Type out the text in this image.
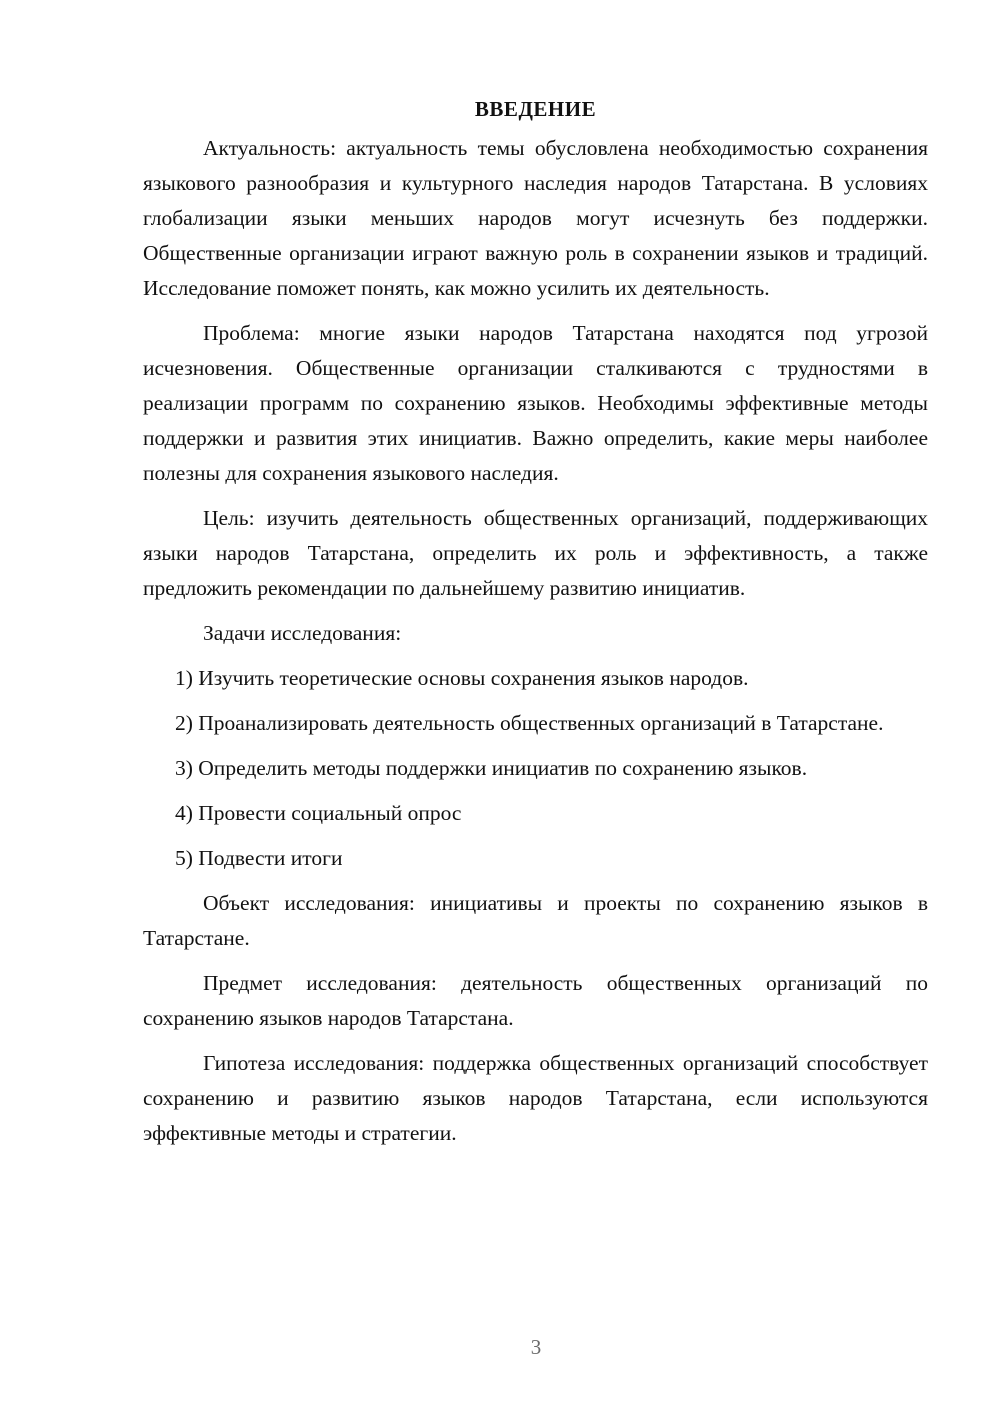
ВВЕДЕНИЕ

Актуальность: актуальность темы обусловлена необходимостью сохранения языкового разнообразия и культурного наследия народов Татарстана. В условиях глобализации языки меньших народов могут исчезнуть без поддержки. Общественные организации играют важную роль в сохранении языков и традиций. Исследование поможет понять, как можно усилить их деятельность.

Проблема: многие языки народов Татарстана находятся под угрозой исчезновения. Общественные организации сталкиваются с трудностями в реализации программ по сохранению языков. Необходимы эффективные методы поддержки и развития этих инициатив. Важно определить, какие меры наиболее полезны для сохранения языкового наследия.

Цель: изучить деятельность общественных организаций, поддерживающих языки народов Татарстана, определить их роль и эффективность, а также предложить рекомендации по дальнейшему развитию инициатив.

Задачи исследования:

1) Изучить теоретические основы сохранения языков народов.

2) Проанализировать деятельность общественных организаций в Татарстане.

3) Определить методы поддержки инициатив по сохранению языков.

4) Провести социальный опрос

5) Подвести итоги

Объект исследования: инициативы и проекты по сохранению языков в Татарстане.

Предмет исследования: деятельность общественных организаций по сохранению языков народов Татарстана.

Гипотеза исследования: поддержка общественных организаций способствует сохранению и развитию языков народов Татарстана, если используются эффективные методы и стратегии.

3
